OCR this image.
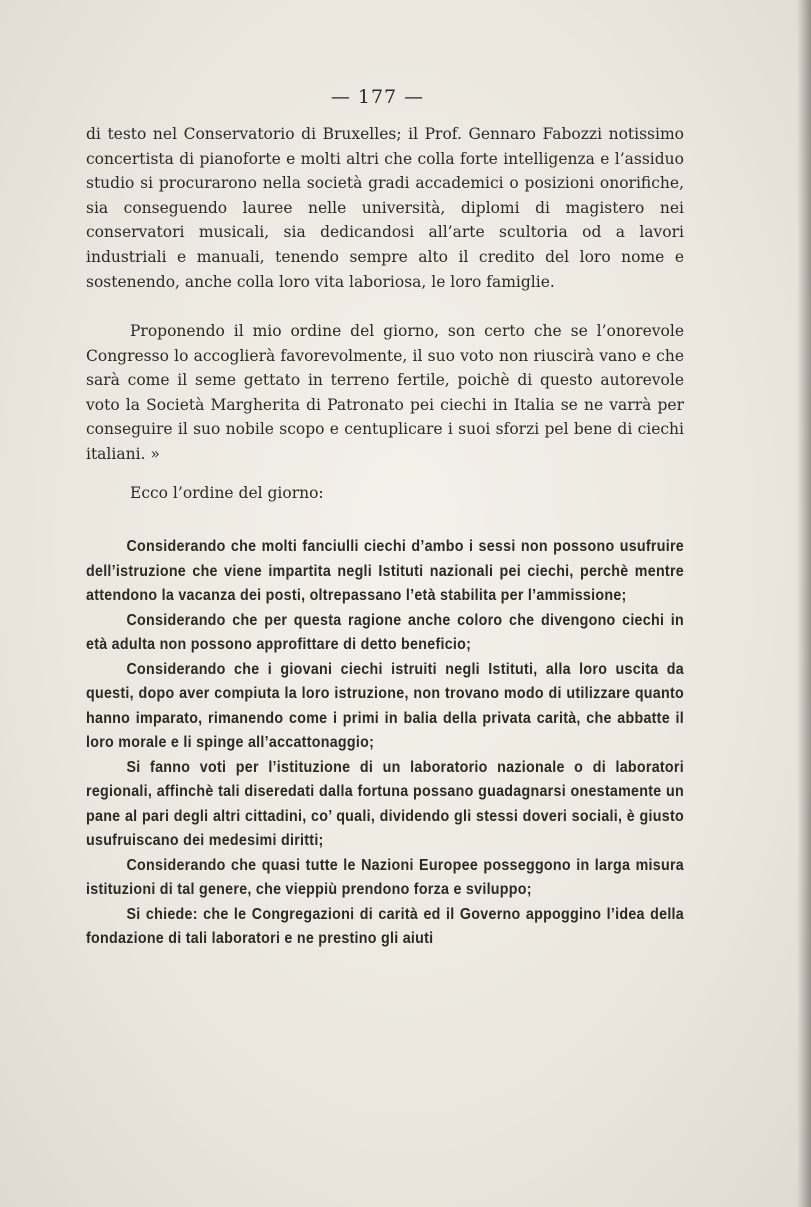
— 177 —

di testo nel Conservatorio di Bruxelles; il Prof. Gennaro Fabozzi notissimo concertista di pianoforte e molti altri che colla forte intelligenza e l’assiduo studio si procurarono nella società gradi accademici o posizioni onorifiche, sia conseguendo lauree nelle università, diplomi di magistero nei conservatori musicali, sia dedicandosi all’arte scultoria od a lavori industriali e manuali, tenendo sempre alto il credito del loro nome e sostenendo, anche colla loro vita laboriosa, le loro famiglie.

Proponendo il mio ordine del giorno, son certo che se l’onorevole Congresso lo accoglierà favorevolmente, il suo voto non riuscirà vano e che sarà come il seme gettato in terreno fertile, poichè di questo autorevole voto la Società Margherita di Patronato pei ciechi in Italia se ne varrà per conseguire il suo nobile scopo e centuplicare i suoi sforzi pel bene di ciechi italiani. »

Ecco l’ordine del giorno:

Considerando che molti fanciulli ciechi d’ambo i sessi non possono usufruire dell’istruzione che viene impartita negli Istituti nazionali pei ciechi, perchè mentre attendono la vacanza dei posti, oltrepassano l’età stabilita per l’ammissione;

Considerando che per questa ragione anche coloro che divengono ciechi in età adulta non possono approfittare di detto beneficio;

Considerando che i giovani ciechi istruiti negli Istituti, alla loro uscita da questi, dopo aver compiuta la loro istruzione, non trovano modo di utilizzare quanto hanno imparato, rimanendo come i primi in balia della privata carità, che abbatte il loro morale e li spinge all’accattonaggio;

Si fanno voti per l’istituzione di un laboratorio nazionale o di laboratori regionali, affinchè tali diseredati dalla fortuna possano guadagnarsi onestamente un pane al pari degli altri cittadini, co’ quali, dividendo gli stessi doveri sociali, è giusto usufruiscano dei medesimi diritti;

Considerando che quasi tutte le Nazioni Europee posseggono in larga misura istituzioni di tal genere, che vieppiù prendono forza e sviluppo;

Si chiede: che le Congregazioni di carità ed il Governo appoggino l’idea della fondazione di tali laboratori e ne prestino gli aiuti
